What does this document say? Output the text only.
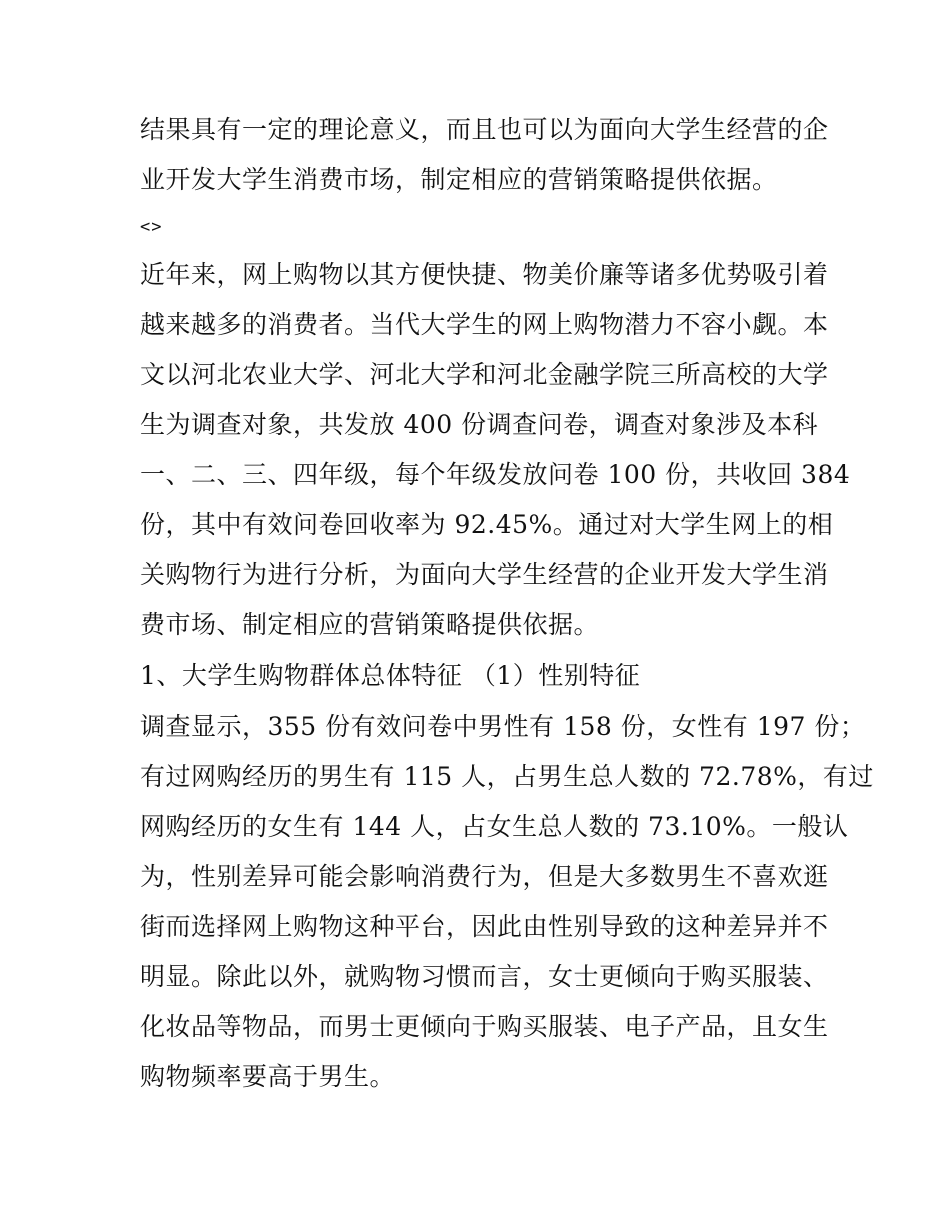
结果具有一定的理论意义，而且也可以为面向大学生经营的企
业开发大学生消费市场，制定相应的营销策略提供依据。
<>
近年来，网上购物以其方便快捷、物美价廉等诸多优势吸引着
越来越多的消费者。当代大学生的网上购物潜力不容小觑。本
文以河北农业大学、河北大学和河北金融学院三所高校的大学
生为调查对象，共发放 400 份调查问卷，调查对象涉及本科
一、二、三、四年级，每个年级发放问卷 100 份，共收回 384
份，其中有效问卷回收率为 92.45%。通过对大学生网上的相
关购物行为进行分析，为面向大学生经营的企业开发大学生消
费市场、制定相应的营销策略提供依据。
1、大学生购物群体总体特征 （1）性别特征
调查显示，355 份有效问卷中男性有 158 份，女性有 197 份；
有过网购经历的男生有 115 人，占男生总人数的 72.78%，有过
网购经历的女生有 144 人，占女生总人数的 73.10%。一般认
为，性别差异可能会影响消费行为，但是大多数男生不喜欢逛
街而选择网上购物这种平台，因此由性别导致的这种差异并不
明显。除此以外，就购物习惯而言，女士更倾向于购买服装、
化妆品等物品，而男士更倾向于购买服装、电子产品，且女生
购物频率要高于男生。
